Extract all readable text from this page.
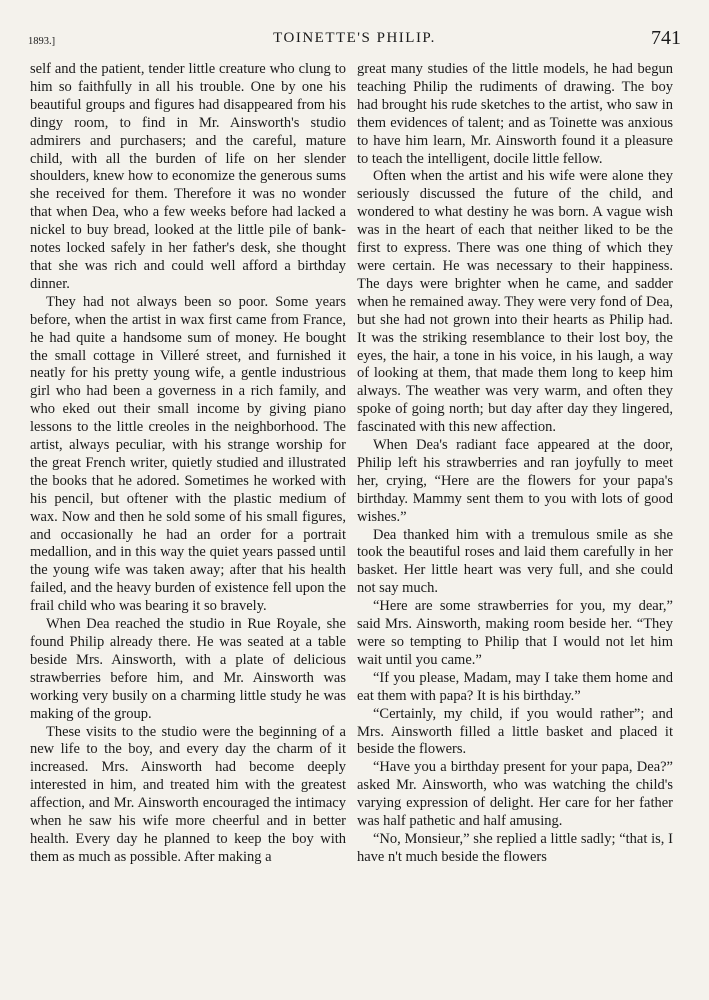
1893.]	TOINETTE'S PHILIP.	741

self and the patient, tender little creature who clung to him so faithfully in all his trouble. One by one his beautiful groups and figures had disappeared from his dingy room, to find in Mr. Ainsworth's studio admirers and purchasers; and the careful, mature child, with all the burden of life on her slender shoulders, knew how to economize the generous sums she received for them. Therefore it was no wonder that when Dea, who a few weeks before had lacked a nickel to buy bread, looked at the little pile of bank-notes locked safely in her father's desk, she thought that she was rich and could well afford a birthday dinner.

They had not always been so poor. Some years before, when the artist in wax first came from France, he had quite a handsome sum of money. He bought the small cottage in Villeré street, and furnished it neatly for his pretty young wife, a gentle industrious girl who had been a governess in a rich family, and who eked out their small income by giving piano lessons to the little creoles in the neighborhood. The artist, always peculiar, with his strange worship for the great French writer, quietly studied and illustrated the books that he adored. Sometimes he worked with his pencil, but oftener with the plastic medium of wax. Now and then he sold some of his small figures, and occasionally he had an order for a portrait medallion, and in this way the quiet years passed until the young wife was taken away; after that his health failed, and the heavy burden of existence fell upon the frail child who was bearing it so bravely.

When Dea reached the studio in Rue Royale, she found Philip already there. He was seated at a table beside Mrs. Ainsworth, with a plate of delicious strawberries before him, and Mr. Ainsworth was working very busily on a charming little study he was making of the group.

These visits to the studio were the beginning of a new life to the boy, and every day the charm of it increased. Mrs. Ainsworth had become deeply interested in him, and treated him with the greatest affection, and Mr. Ainsworth encouraged the intimacy when he saw his wife more cheerful and in better health. Every day he planned to keep the boy with them as much as possible. After making a

great many studies of the little models, he had begun teaching Philip the rudiments of drawing. The boy had brought his rude sketches to the artist, who saw in them evidences of talent; and as Toinette was anxious to have him learn, Mr. Ainsworth found it a pleasure to teach the intelligent, docile little fellow.

Often when the artist and his wife were alone they seriously discussed the future of the child, and wondered to what destiny he was born. A vague wish was in the heart of each that neither liked to be the first to express. There was one thing of which they were certain. He was necessary to their happiness. The days were brighter when he came, and sadder when he remained away. They were very fond of Dea, but she had not grown into their hearts as Philip had. It was the striking resemblance to their lost boy, the eyes, the hair, a tone in his voice, in his laugh, a way of looking at them, that made them long to keep him always. The weather was very warm, and often they spoke of going north; but day after day they lingered, fascinated with this new affection.

When Dea's radiant face appeared at the door, Philip left his strawberries and ran joyfully to meet her, crying, “Here are the flowers for your papa's birthday. Mammy sent them to you with lots of good wishes.”

Dea thanked him with a tremulous smile as she took the beautiful roses and laid them carefully in her basket. Her little heart was very full, and she could not say much.

“Here are some strawberries for you, my dear,” said Mrs. Ainsworth, making room beside her. “They were so tempting to Philip that I would not let him wait until you came.”

“If you please, Madam, may I take them home and eat them with papa? It is his birthday.”

“Certainly, my child, if you would rather”; and Mrs. Ainsworth filled a little basket and placed it beside the flowers.

“Have you a birthday present for your papa, Dea?” asked Mr. Ainsworth, who was watching the child's varying expression of delight. Her care for her father was half pathetic and half amusing.

“No, Monsieur,” she replied a little sadly; “that is, I have n't much beside the flowers
